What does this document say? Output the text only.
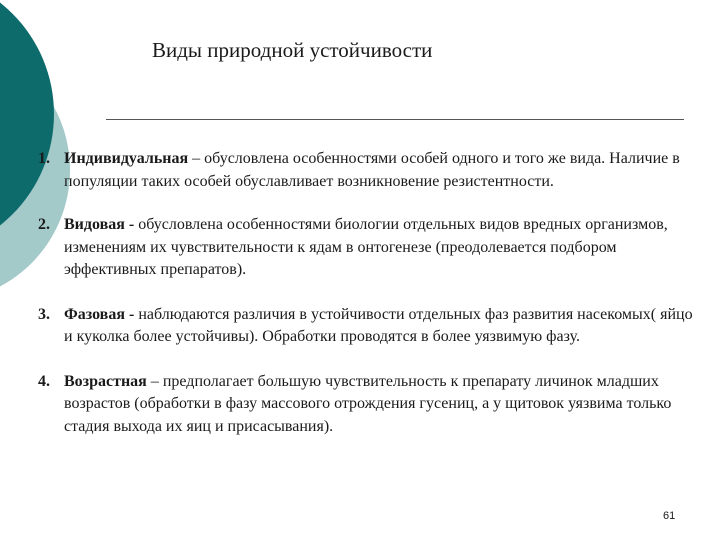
Виды природной устойчивости
1. Индивидуальная – обусловлена особенностями особей одного и того же вида. Наличие в популяции таких особей обуславливает возникновение резистентности.
2. Видовая - обусловлена особенностями биологии отдельных видов вредных организмов, изменениям их чувствительности к ядам в онтогенезе (преодолевается подбором эффективных препаратов).
3. Фазовая - наблюдаются различия в устойчивости отдельных фаз развития насекомых( яйцо и куколка более устойчивы). Обработки проводятся в более уязвимую фазу.
4. Возрастная – предполагает большую чувствительность к препарату личинок младших возрастов (обработки в фазу массового отрождения гусениц, а у щитовок уязвима только стадия выхода их яиц и присасывания).
61
